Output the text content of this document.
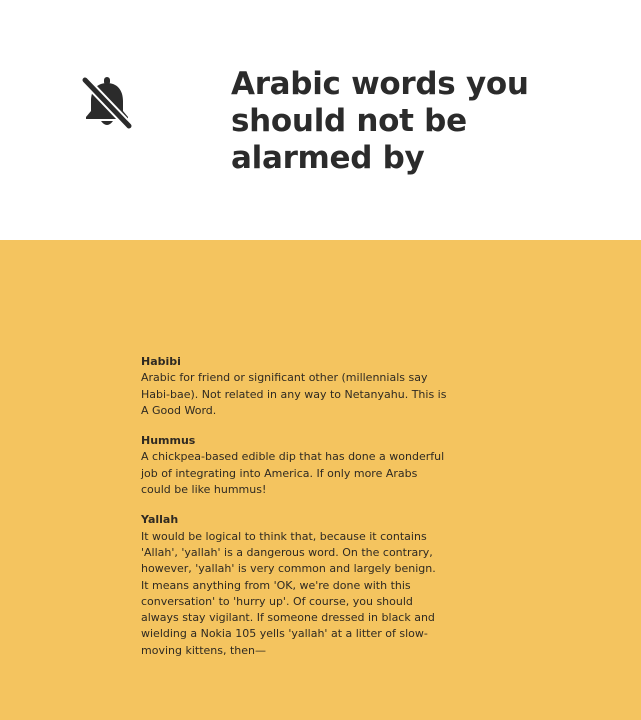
Arabic words you
should not be
alarmed by
Habibi
Arabic for friend or significant other (millennials say
Habi-bae). Not related in any way to Netanyahu. This is
A Good Word.
Hummus
A chickpea-based edible dip that has done a wonderful
job of integrating into America. If only more Arabs
could be like hummus!
Yallah
It would be logical to think that, because it contains
'Allah', 'yallah' is a dangerous word. On the contrary,
however, 'yallah' is very common and largely benign.
It means anything from 'OK, we're done with this
conversation' to 'hurry up'. Of course, you should
always stay vigilant. If someone dressed in black and
wielding a Nokia 105 yells 'yallah' at a litter of slow-
moving kittens, then—
